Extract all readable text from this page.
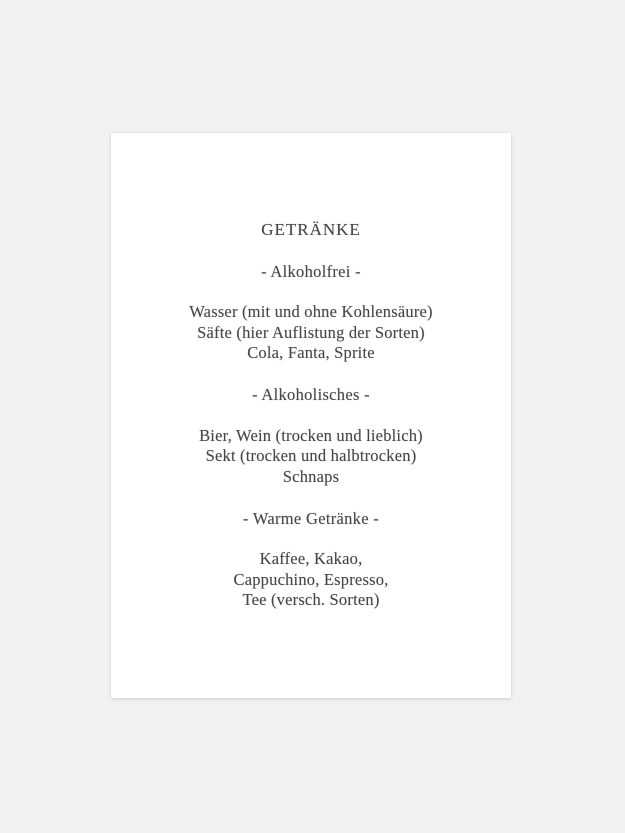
GETRÄNKE
- Alkoholfrei -
Wasser (mit und ohne Kohlensäure)
Säfte (hier Auflistung der Sorten)
Cola, Fanta, Sprite
- Alkoholisches -
Bier, Wein (trocken und lieblich)
Sekt (trocken und halbtrocken)
Schnaps
- Warme Getränke -
Kaffee, Kakao,
Cappuchino, Espresso,
Tee (versch. Sorten)
